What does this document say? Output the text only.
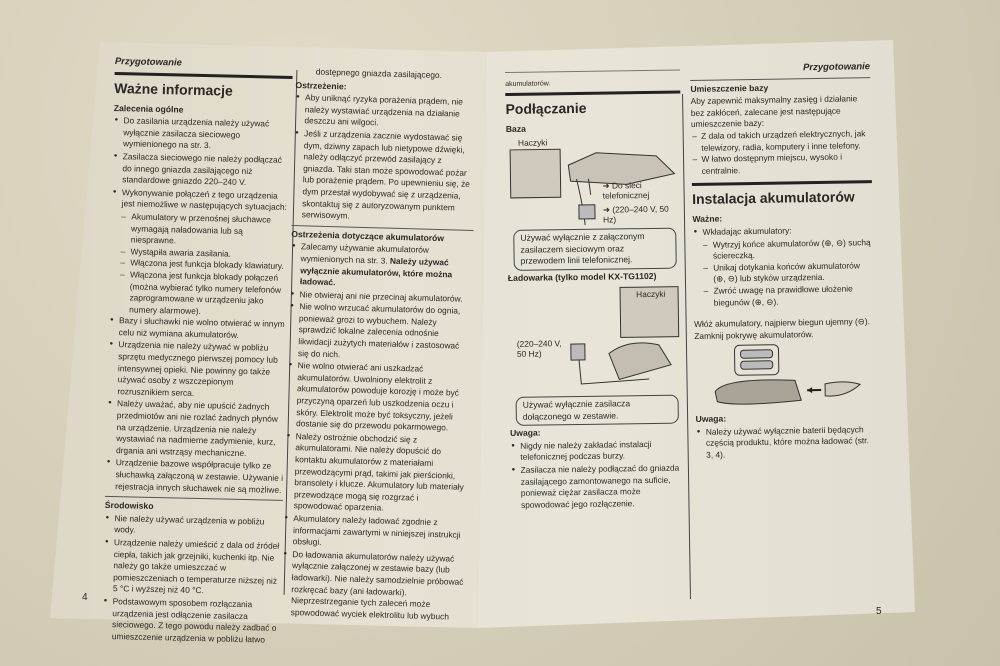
Przygotowanie
Ważne informacje
Zalecenia ogólne
● Do zasilania urządzenia należy używać wyłącznie zasilacza sieciowego wymienionego na str. 3.
● Zasilacza sieciowego nie należy podłączać do innego gniazda zasilającego niż standardowe gniazdo 220–240 V.
● Wykonywanie połączeń z tego urządzenia jest niemożliwe w następujących sytuacjach:
– Akumulatory w przenośnej słuchawce wymagają naładowania lub są niesprawne.
– Wystąpiła awaria zasilania.
– Włączona jest funkcja blokady klawiatury.
– Włączona jest funkcja blokady połączeń (można wybierać tylko numery telefonów zaprogramowane w urządzeniu jako numery alarmowe).
● Bazy i słuchawki nie wolno otwierać w innym celu niż wymiana akumulatorów.
● Urządzenia nie należy używać w pobliżu sprzętu medycznego pierwszej pomocy lub intensywnej opieki. Nie powinny go także używać osoby z wszczepionym rozrusznikiem serca.
● Należy uważać, aby nie upuścić żadnych przedmiotów ani nie rozlać żadnych płynów na urządzenie. Urządzenia nie należy wystawiać na nadmierne zadymienie, kurz, drgania ani wstrząsy mechaniczne.
● Urządzenie bazowe współpracuje tylko ze słuchawką załączoną w zestawie. Używanie i rejestracja innych słuchawek nie są możliwe.
Środowisko
● Nie należy używać urządzenia w pobliżu wody.
● Urządzenie należy umieścić z dala od źródeł ciepła, takich jak grzejniki, kuchenki itp. Nie należy go także umieszczać w pomieszczeniach o temperaturze niższej niż 5 °C i wyższej niż 40 °C.
● Podstawowym sposobem rozłączania urządzenia jest odłączenie zasilacza sieciowego. Z tego powodu należy zadbać o umieszczenie urządzenia w pobliżu łatwo
4
dostępnego gniazda zasilającego.
Ostrzeżenie:
● Aby uniknąć ryzyka porażenia prądem, nie należy wystawiać urządzenia na działanie deszczu ani wilgoci.
● Jeśli z urządzenia zacznie wydostawać się dym, dziwny zapach lub nietypowe dźwięki, należy odłączyć przewód zasilający z gniazda. Taki stan może spowodować pożar lub porażenie prądem. Po upewnieniu się, że dym przestał wydobywać się z urządzenia, skontaktuj się z autoryzowanym punktem serwisowym.
Ostrzeżenia dotyczące akumulatorów
● Zalecamy używanie akumulatorów wymienionych na str. 3. Należy używać wyłącznie akumulatorów, które można ładować.
● Nie otwieraj ani nie przecinaj akumulatorów.
● Nie wolno wrzucać akumulatorów do ognia, ponieważ grozi to wybuchem. Należy sprawdzić lokalne zalecenia odnośnie likwidacji zużytych materiałów i zastosować się do nich.
● Nie wolno otwierać ani uszkadzać akumulatorów. Uwolniony elektrolit z akumulatorów powoduje korozję i może być przyczyną oparzeń lub uszkodzenia oczu i skóry. Elektrolit może być toksyczny, jeżeli dostanie się do przewodu pokarmowego.
● Należy ostrożnie obchodzić się z akumulatorami. Nie należy dopuścić do kontaktu akumulatorów z materiałami przewodzącymi prąd, takimi jak pierścionki, bransolety i klucze. Akumulatory lub materiały przewodzące mogą się rozgrzać i spowodować oparzenia.
● Akumulatory należy ładować zgodnie z informacjami zawartymi w niniejszej instrukcji obsługi.
● Do ładowania akumulatorów należy używać wyłącznie załączonej w zestawie bazy (lub ładowarki). Nie należy samodzielnie próbować rozkręcać bazy (ani ładowarki). Nieprzestrzeganie tych zaleceń może spowodować wyciek elektrolitu lub wybuch
akumulatorów.
Podłączanie
Baza
Haczyki
➜ Do sieci telefonicznej
➜ (220–240 V, 50 Hz)
Używać wyłącznie z załączonym zasilaczem sieciowym oraz przewodem linii telefonicznej.
Ładowarka (tylko model KX-TG1102)
Haczyki
(220–240 V, 50 Hz)
Używać wyłącznie zasilacza dołączonego w zestawie.
Uwaga:
● Nigdy nie należy zakładać instalacji telefonicznej podczas burzy.
● Zasilacza nie należy podłączać do gniazda zasilającego zamontowanego na suficie, ponieważ ciężar zasilacza może spowodować jego rozłączenie.
Przygotowanie
Umieszczenie bazy
Aby zapewnić maksymalny zasięg i działanie bez zakłóceń, zalecane jest następujące umieszczenie bazy:
– Z dala od takich urządzeń elektrycznych, jak telewizory, radia, komputery i inne telefony.
– W łatwo dostępnym miejscu, wysoko i centralnie.
Instalacja akumulatorów
Ważne:
● Wkładając akumulatory:
– Wytrzyj końce akumulatorów (⊕, ⊖) suchą ściereczką.
– Unikaj dotykania końców akumulatorów (⊕, ⊖) lub styków urządzenia.
– Zwróć uwagę na prawidłowe ułożenie biegunów (⊕, ⊖).
Włóż akumulatory, najpierw biegun ujemny (⊖). Zamknij pokrywę akumulatorów.
Uwaga:
● Należy używać wyłącznie baterii będących częścią produktu, które można ładować (str. 3, 4).
5
